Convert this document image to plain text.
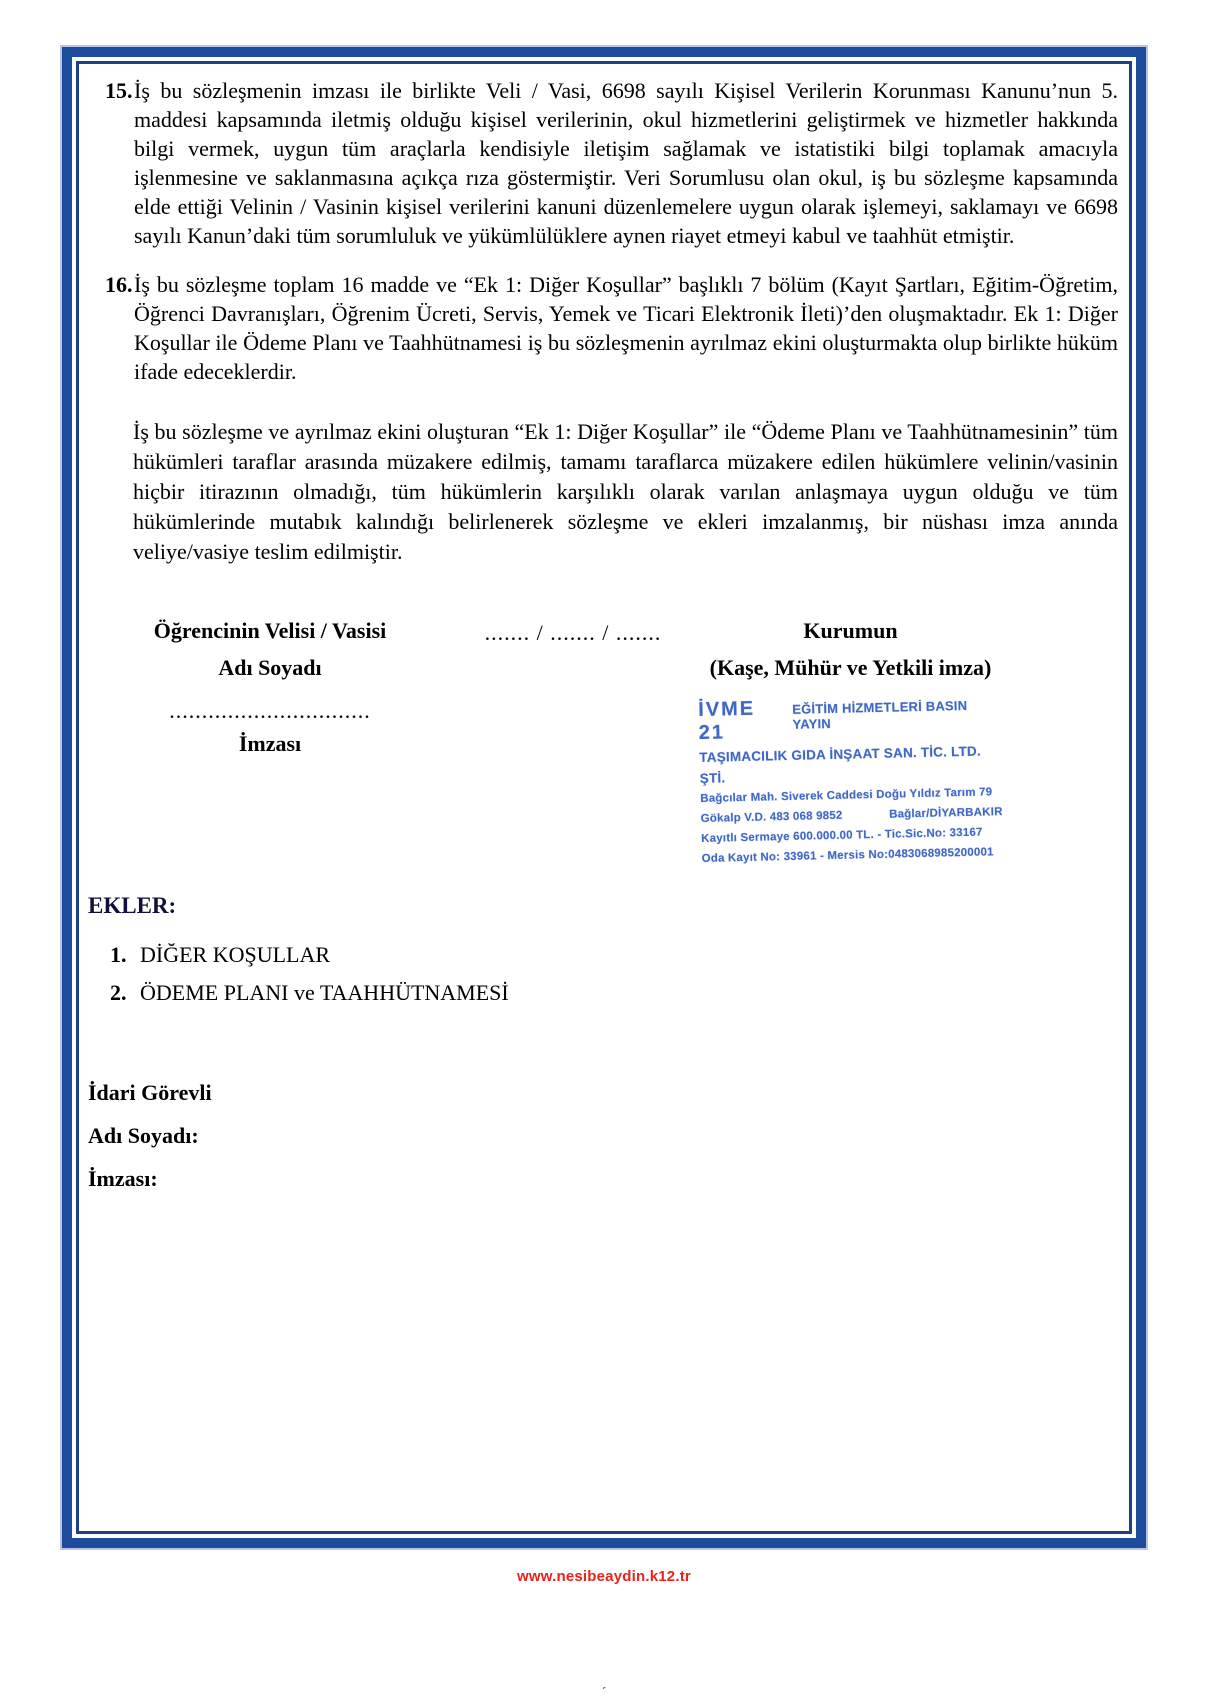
15. İş bu sözleşmenin imzası ile birlikte Veli / Vasi, 6698 sayılı Kişisel Verilerin Korunması Kanunu’nun 5. maddesi kapsamında iletmiş olduğu kişisel verilerinin, okul hizmetlerini geliştirmek ve hizmetler hakkında bilgi vermek, uygun tüm araçlarla kendisiyle iletişim sağlamak ve istatistiki bilgi toplamak amacıyla işlenmesine ve saklanmasına açıkça rıza göstermiştir. Veri Sorumlusu olan okul, iş bu sözleşme kapsamında elde ettiği Velinin / Vasinin kişisel verilerini kanuni düzenlemelere uygun olarak işlemeyi, saklamayı ve 6698 sayılı Kanun’daki tüm sorumluluk ve yükümlülüklere aynen riayet etmeyi kabul ve taahhüt etmiştir.
16. İş bu sözleşme toplam 16 madde ve “Ek 1: Diğer Koşullar” başlıklı 7 bölüm (Kayıt Şartları, Eğitim-Öğretim, Öğrenci Davranışları, Öğrenim Ücreti, Servis, Yemek ve Ticari Elektronik İleti)’den oluşmaktadır. Ek 1: Diğer Koşullar ile Ödeme Planı ve Taahhütnamesi iş bu sözleşmenin ayrılmaz ekini oluşturmakta olup birlikte hüküm ifade edeceklerdir.
İş bu sözleşme ve ayrılmaz ekini oluşturan “Ek 1: Diğer Koşullar” ile “Ödeme Planı ve Taahhütnamesinin” tüm hükümleri taraflar arasında müzakere edilmiş, tamamı taraflarca müzakere edilen hükümlere velinin/vasinin hiçbir itirazının olmadığı, tüm hükümlerin karşılıklı olarak varılan anlaşmaya uygun olduğu ve tüm hükümlerinde mutabık kalındığı belirlenerek sözleşme ve ekleri imzalanmış, bir nüshası imza anında veliye/vasiye teslim edilmiştir.
Öğrencinin Velisi / Vasisi
Adı Soyadı
...............................
İmzası
....... / ....... / .......	Kurumun
(Kaşe, Mühür ve Yetkili imza)
İVME 21
EĞİTİM HİZMETLERİ BASIN YAYIN
TAŞIMACILIK GIDA İNŞAAT SAN. TİC. LTD. ŞTİ.
Bağcılar Mah. Siverek Caddesi Doğu Yıldız Tarım 79
Gökalp V.D. 483 068 9852	Bağlar/DİYARBAKIR
Kayıtlı Sermaye 600.000.00 TL. - Tic.Sic.No: 33167
Oda Kayıt No: 33961 - Mersis No:0483068985200001
EKLER:
1. DİĞER KOŞULLAR
2. ÖDEME PLANI ve TAAHHÜTNAMESİ
İdari Görevli
Adı Soyadı:
İmzası:
www.nesibeaydin.k12.tr
´
